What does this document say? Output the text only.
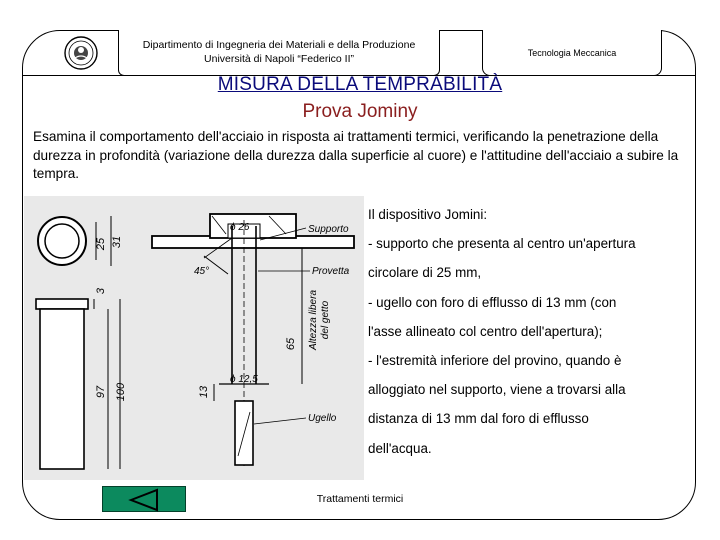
Dipartimento di Ingegneria dei Materiali e della Produzione
Università di Napoli “Federico II”	Tecnologia Meccanica
MISURA DELLA TEMPRABILITÀ
Prova Jominy
Esamina il comportamento dell'acciaio in risposta ai trattamenti termici, verificando la penetrazione della durezza in profondità (variazione della durezza dalla superficie al cuore) e l'attitudine dell'acciaio a subire la tempra.
25 31
3
97 100
ϕ 26
ϕ 12,5
45°
65
13
Altezza libera del getto
Supporto
Provetta
Ugello
Il dispositivo Jomini:
- supporto che presenta al centro un'apertura
circolare di 25 mm,
- ugello con foro di efflusso di 13 mm (con
l'asse allineato col centro dell'apertura);
- l'estremità inferiore del provino, quando è
alloggiato nel supporto, viene a trovarsi alla
distanza di 13 mm dal foro di efflusso
dell'acqua.
Trattamenti termici
